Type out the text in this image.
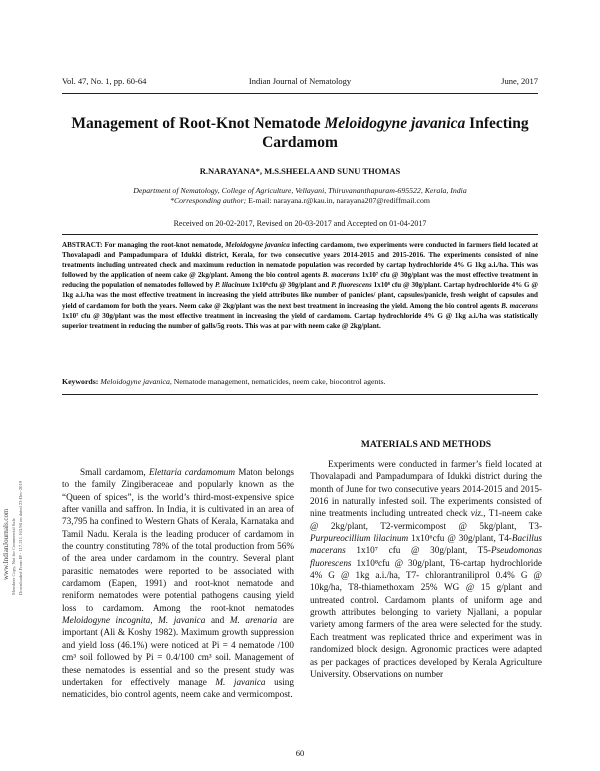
Vol. 47, No. 1, pp. 60-64	Indian Journal of Nematology	June, 2017
Management of Root-Knot Nematode Meloidogyne javanica Infecting Cardamom
R.NARAYANA*, M.S.SHEELA AND SUNU THOMAS
Department of Nematology, College of Agriculture, Vellayani, Thiruvananthapuram-695522, Kerala, India
*Corresponding author; E-mail: narayana.r@kau.in, narayana207@rediffmail.com
Received on 20-02-2017, Revised on 20-03-2017 and Accepted on 01-04-2017

ABSTRACT: For managing the root-knot nematode, Meloidogyne javanica infecting cardamom, two experiments were conducted in farmers field located at Thovalapadi and Pampadumpara of Idukki district, Kerala, for two consecutive years 2014-2015 and 2015-2016. The experiments consisted of nine treatments including untreated check and maximum reduction in nematode population was recorded by cartap hydrochloride 4% G 1kg a.i./ha. This was followed by the application of neem cake @ 2kg/plant. Among the bio control agents B. macerans 1x10⁷ cfu @ 30g/plant was the most effective treatment in reducing the population of nematodes followed by P. lilacinum 1x10⁶cfu @ 30g/plant and P. fluorescens 1x10⁸ cfu @ 30g/plant. Cartap hydrochloride 4% G @ 1kg a.i./ha was the most effective treatment in increasing the yield attributes like number of panicles/ plant, capsules/panicle, fresh weight of capsules and yield of cardamom for both the years. Neem cake @ 2kg/plant was the next best treatment in increasing the yield. Among the bio control agents B. macerans 1x10⁷ cfu @ 30g/plant was the most effective treatment in increasing the yield of cardamom. Cartap hydrochloride 4% G @ 1kg a.i./ha was statistically superior treatment in reducing the number of galls/5g roots. This was at par with neem cake @ 2kg/plant.

Keywords: Meloidogyne javanica, Nematode management, nematicides, neem cake, biocontrol agents.

Small cardamom, Elettaria cardamomum Maton belongs to the family Zingiberaceae and popularly known as the “Queen of spices”, is the world’s third-most-expensive spice after vanilla and saffron. In India, it is cultivated in an area of 73,795 ha confined to Western Ghats of Kerala, Karnataka and Tamil Nadu. Kerala is the leading producer of cardamom in the country constituting 78% of the total production from 56% of the area under cardamom in the country. Several plant parasitic nematodes were reported to be associated with cardamom (Eapen, 1991) and root-knot nematode and reniform nematodes were potential pathogens causing yield loss to cardamom. Among the root-knot nematodes Meloidogyne incognita, M. javanica and M. arenaria are important (Ali & Koshy 1982). Maximum growth suppression and yield loss (46.1%) were noticed at Pi = 4 nematode /100 cm³ soil followed by Pi = 0.4/100 cm³ soil. Management of these nematodes is essential and so the present study was undertaken for effectively manage M. javanica using nematicides, bio control agents, neem cake and vermicompost.

MATERIALS AND METHODS

Experiments were conducted in farmer’s field located at Thovalapadi and Pampadumpara of Idukki district during the month of June for two consecutive years 2014-2015 and 2015-2016 in naturally infested soil. The experiments consisted of nine treatments including untreated check viz., T1-neem cake @ 2kg/plant, T2-vermicompost @ 5kg/plant, T3-Purpureocillium lilacinum 1x10⁶cfu @ 30g/plant, T4-Bacillus macerans 1x10⁷ cfu @ 30g/plant, T5-Pseudomonas fluorescens 1x10⁸cfu @ 30g/plant, T6-cartap hydrochloride 4% G @ 1kg a.i./ha, T7- chlorantraniliprol 0.4% G @ 10kg/ha, T8-thiamethoxam 25% WG @ 15 g/plant and untreated control. Cardamom plants of uniform age and growth attributes belonging to variety Njallani, a popular variety among farmers of the area were selected for the study. Each treatment was replicated thrice and experiment was in randomized block design. Agronomic practices were adapted as per packages of practices developed by Kerala Agriculture University. Observations on number

60
www.IndianJournals.com Members Copy, Not for Commercial Sale Downloaded From IP - 117.211.163.94 on dated 23-Dec-2019
